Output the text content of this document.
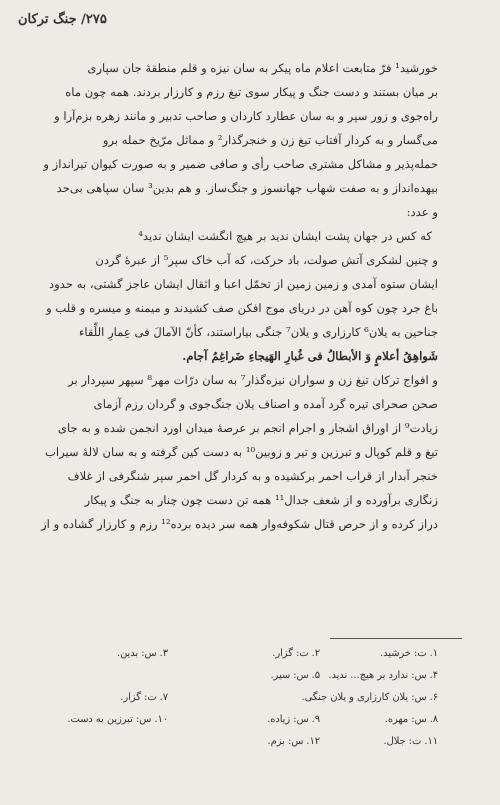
۲۷۵/ جنگ ترکان
خورشید¹ فرّ متابعت اعلام ماه پیکر به سان نیزه و قلم منطقهٔ جان سپاری
بر میان بستند و دست جنگ و پیکار سوی تیغ رزم و کارزار بردند. همه چون ماه
راه‌جوی و زور سپر و به سان عطارد کاردان و صاحب تدبیر و مانند زهره بزم‌آرا و
می‌گسار و به کردار آفتاب تیغ زن و خنجرگذار² و مماثل مرّیخ حمله برو
حمله‌پذیر و مشاکل مشتری صاحب رأی و صافی ضمیر و به صورت کیوان تیرانداز و
بیهده‌انداز و به صفت شهاب جهانسوز و جنگ‌ساز. و هم بدین³ سان سپاهی بی‌حد
و عدد:
که کس در جهان پشت ایشان ندید بر هیچ انگشت ایشان ندید⁴
و چنین لشکری آتش صولت، باد حرکت، که آب خاک سپر⁵ از عبرهٔ گردن
ایشان ستوه آمدی و زمین زمین از تحمّل اعبا و اثقال ایشان عاجز گشتی، به حدود
باغ جرد چون کوه آهن در دریای موج افکن صف کشیدند و میمنه و میسره و قلب و
جناحین به یلان⁶ کارزاری و یلان⁷ جنگی بیاراستند، کأنّ الآمالَ فی عِمارِ اللِّقاء
شَواهِقُ أعلامٍ وَ الأبطالُ فی غُبارِ الهَیجاءِ ضَراغِمُ آجام.
و افواج ترکان تیغ زن و سواران نیزه‌گذار⁷ به سان درّات مهر⁸ سپهر سپردار بر
صحن صحرای تیره گرد آمده و اصناف یلان جنگ‌جوی و گردان رزم آزمای
زیادت⁹ از اوراق اشجار و اجرام انجم بر عرصهٔ میدان اورد انجمن شده و به جای
تیغ و قلم کوپال و تبرزین و تیر و زوبین¹⁰ به دست کین گرفته و به سان لالهٔ سیراب
خنجر آبدار از قراب احمر برکشیده و به کردار گل احمر سپر شنگرفی از غلاف
زنگاری برآورده و از شعف جدال¹¹ همه تن دست چون چنار به جنگ و پیکار
دراز کرده و از حرص قتال شکوفه‌وار همه سر دیده برده¹² رزم و کارزار گشاده و از
۱. ت: خرشید.
۲. ت: گزار.
۳. س: بدین.
۴. س: ندارد بر هیچ... ندید.
۵. س: سیر.
۶. س: یلان کارزاری و یلان جنگی.
۷. ت: گزار.
۸. س: مهره.
۹. س: زیاده.
۱۰. س: تبرزین به دست.
۱۱. ت: جلال.
۱۲. س: بزم.
